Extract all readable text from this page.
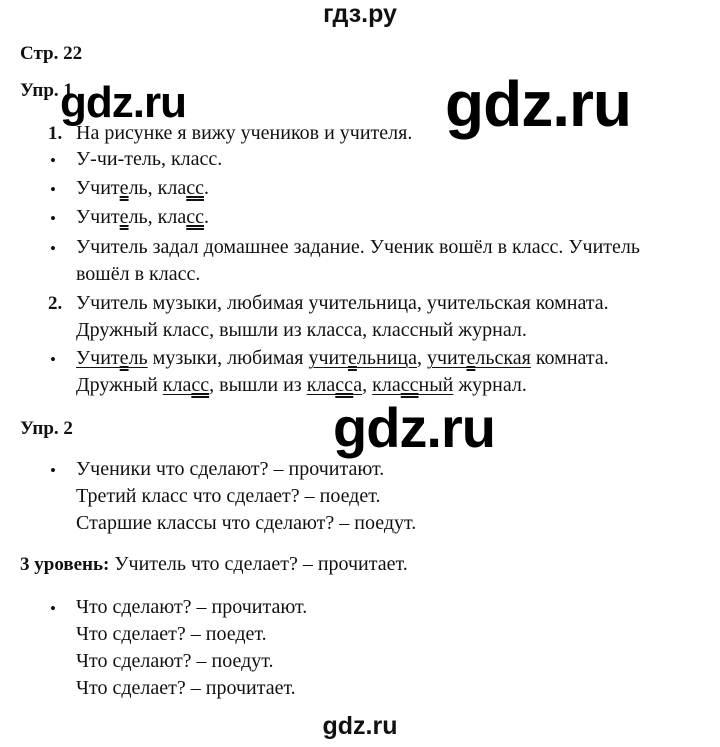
гдз.ру
Стр. 22
Упр. 1
1. На рисунке я вижу учеников и учителя.
• У-чи-тель, класс.
• Учитель, класс.
• Учитель, класс.
• Учитель задал домашнее задание. Ученик вошёл в класс. Учитель
вошёл в класс.
2. Учитель музыки, любимая учительница, учительская комната.
Дружный класс, вышли из класса, классный журнал.
• Учитель музыки, любимая учительница, учительская комната.
Дружный класс, вышли из класса, классный журнал.
Упр. 2
• Ученики что сделают? – прочитают.
Третий класс что сделает? – поедет.
Старшие классы что сделают? – поедут.
3 уровень: Учитель что сделает? – прочитает.
• Что сделают? – прочитают.
Что сделает? – поедет.
Что сделают? – поедут.
Что сделает? – прочитает.
gdz.ru	gdz.ru
gdz.ru
gdz.ru
